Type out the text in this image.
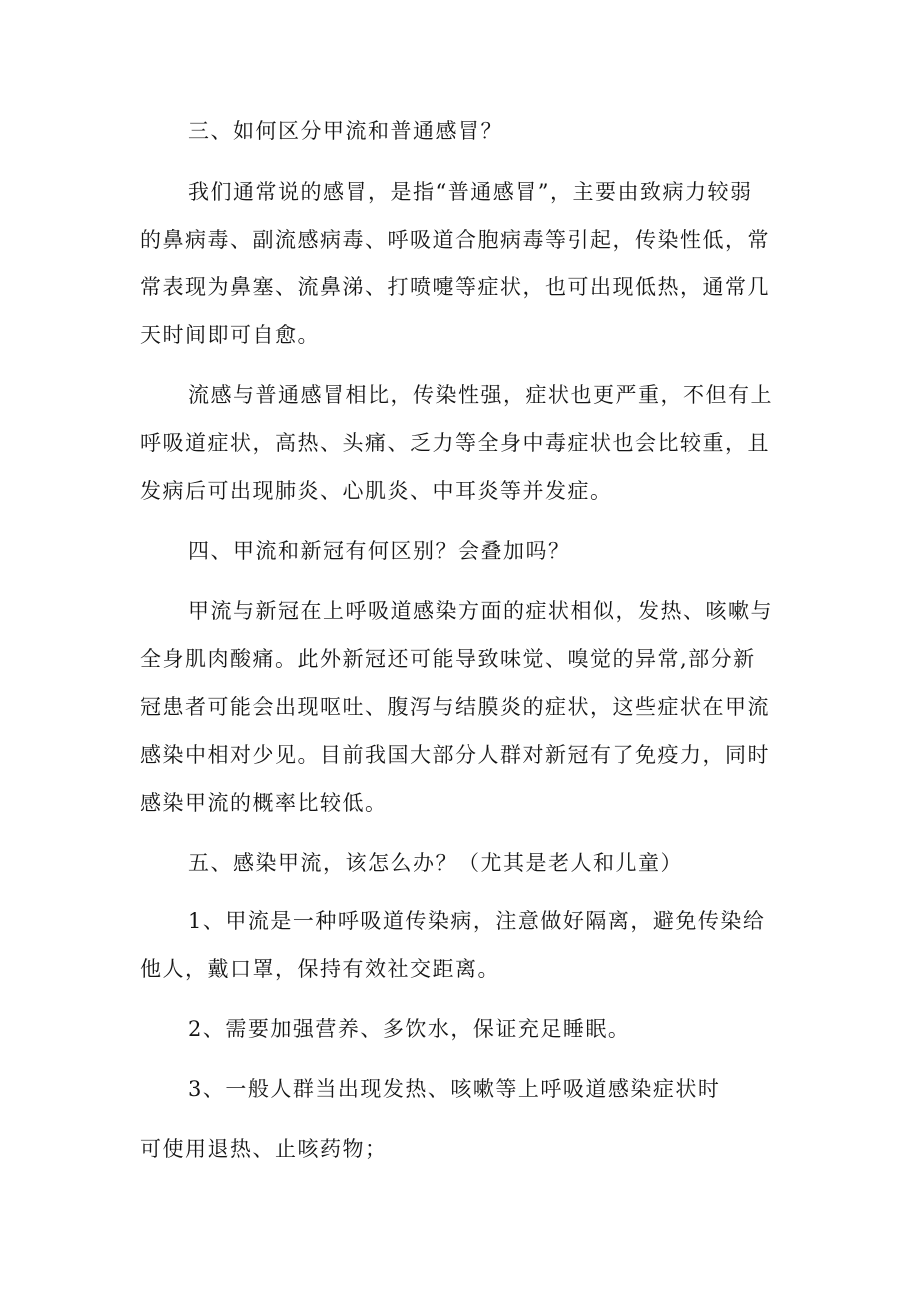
三、如何区分甲流和普通感冒？
我们通常说的感冒，是指“普通感冒”，主要由致病力较弱
的鼻病毒、副流感病毒、呼吸道合胞病毒等引起，传染性低，常
常表现为鼻塞、流鼻涕、打喷嚏等症状，也可出现低热，通常几
天时间即可自愈。
流感与普通感冒相比，传染性强，症状也更严重，不但有上
呼吸道症状，高热、头痛、乏力等全身中毒症状也会比较重，且
发病后可出现肺炎、心肌炎、中耳炎等并发症。
四、甲流和新冠有何区别？会叠加吗？
甲流与新冠在上呼吸道感染方面的症状相似，发热、咳嗽与
全身肌肉酸痛。此外新冠还可能导致味觉、嗅觉的异常,部分新
冠患者可能会出现呕吐、腹泻与结膜炎的症状，这些症状在甲流
感染中相对少见。目前我国大部分人群对新冠有了免疫力，同时
感染甲流的概率比较低。
五、感染甲流，该怎么办？（尤其是老人和儿童）
1、甲流是一种呼吸道传染病，注意做好隔离，避免传染给
他人，戴口罩，保持有效社交距离。
2、需要加强营养、多饮水，保证充足睡眠。
3、一般人群当出现发热、咳嗽等上呼吸道感染症状时
可使用退热、止咳药物；
